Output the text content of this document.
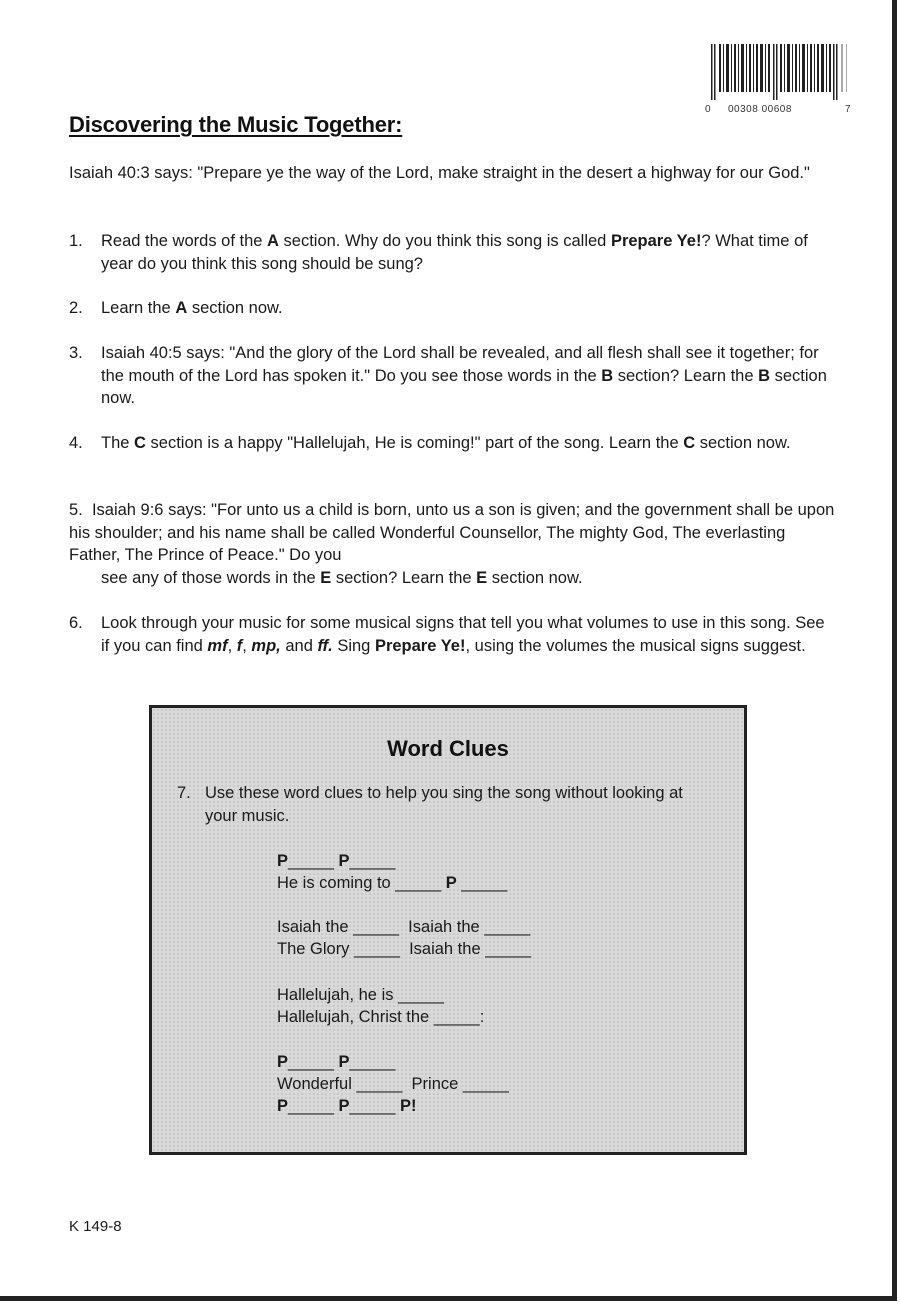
0 00308 00608	7
Discovering the Music Together:
Isaiah 40:3 says: "Prepare ye the way of the Lord, make straight in the desert a highway for our God."
1. Read the words of the A section. Why do you think this song is called Prepare Ye!? What time of year do you think this song should be sung?
2. Learn the A section now.
3. Isaiah 40:5 says: "And the glory of the Lord shall be revealed, and all flesh shall see it together; for the mouth of the Lord has spoken it." Do you see those words in the B section? Learn the B section now.
4. The C section is a happy "Hallelujah, He is coming!" part of the song. Learn the C section now.
5. Isaiah 9:6 says: "For unto us a child is born, unto us a son is given; and the government shall be upon his shoulder; and his name shall be called Wonderful Counsellor, The mighty God, The everlasting Father, The Prince of Peace." Do you
see any of those words in the E section? Learn the E section now.
6. Look through your music for some musical signs that tell you what volumes to use in this song. See if you can find mf, f, mp, and ff. Sing Prepare Ye!, using the volumes the musical signs suggest.
Word Clues
7. Use these word clues to help you sing the song without looking at your music.
P_____ P_____
He is coming to _____ P _____
Isaiah the _____  Isaiah the _____
The Glory _____  Isaiah the _____
Hallelujah, he is _____
Hallelujah, Christ the _____:
P_____ P_____
Wonderful _____  Prince _____
P_____ P_____ P!
K 149-8
